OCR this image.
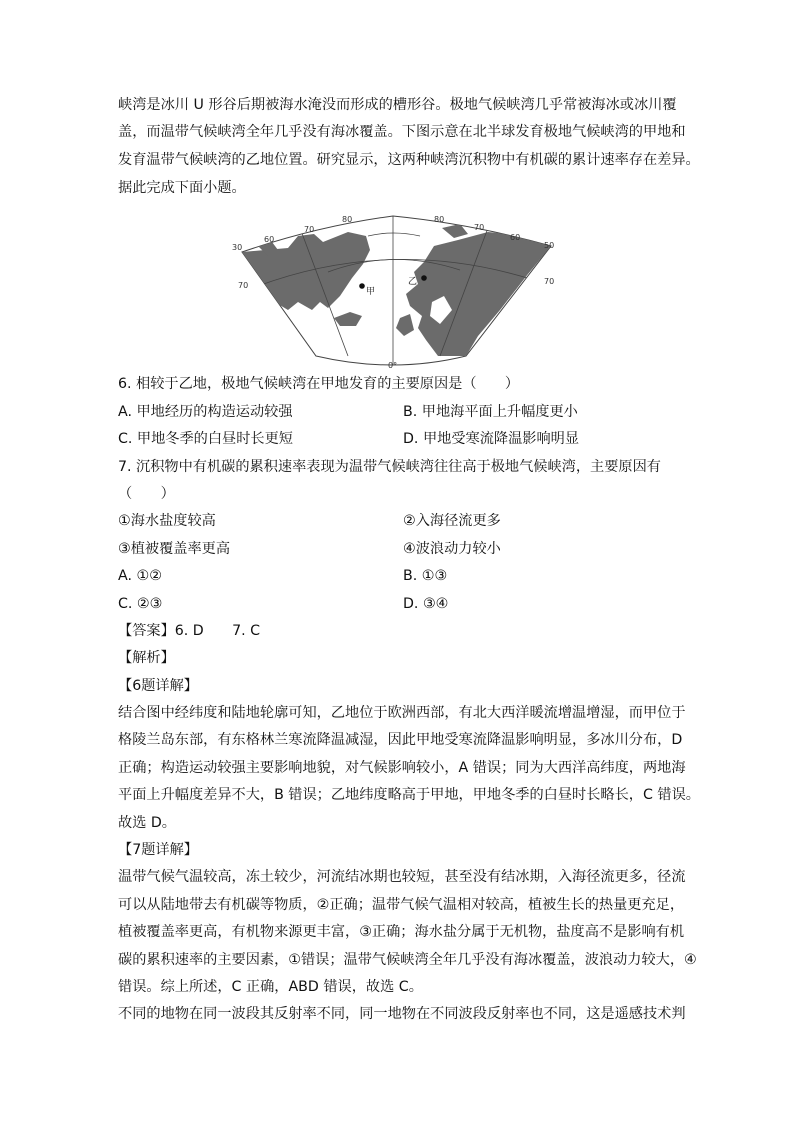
峡湾是冰川 U 形谷后期被海水淹没而形成的槽形谷。极地气候峡湾几乎常被海冰或冰川覆
盖，而温带气候峡湾全年几乎没有海冰覆盖。下图示意在北半球发育极地气候峡湾的甲地和
发育温带气候峡湾的乙地位置。研究显示，这两种峡湾沉积物中有机碳的累计速率存在差异。
据此完成下面小题。
30
60
70
80
70
80
70
60
50
70
0°
甲
乙
6. 相较于乙地，极地气候峡湾在甲地发育的主要原因是（　　）
A. 甲地经历的构造运动较强	B. 甲地海平面上升幅度更小
C. 甲地冬季的白昼时长更短	D. 甲地受寒流降温影响明显
7. 沉积物中有机碳的累积速率表现为温带气候峡湾往往高于极地气候峡湾，主要原因有
（　　）
①海水盐度较高	②入海径流更多
③植被覆盖率更高	④波浪动力较小
A. ①②	B. ①③
C. ②③	D. ③④
【答案】6. D　　7. C
【解析】
【6题详解】
结合图中经纬度和陆地轮廓可知，乙地位于欧洲西部，有北大西洋暖流增温增湿，而甲位于
格陵兰岛东部，有东格林兰寒流降温减湿，因此甲地受寒流降温影响明显，多冰川分布，D
正确；构造运动较强主要影响地貌，对气候影响较小，A 错误；同为大西洋高纬度，两地海
平面上升幅度差异不大，B 错误；乙地纬度略高于甲地，甲地冬季的白昼时长略长，C 错误。
故选 D。
【7题详解】
温带气候气温较高，冻土较少，河流结冰期也较短，甚至没有结冰期，入海径流更多，径流
可以从陆地带去有机碳等物质，②正确；温带气候气温相对较高，植被生长的热量更充足，
植被覆盖率更高，有机物来源更丰富，③正确；海水盐分属于无机物，盐度高不是影响有机
碳的累积速率的主要因素，①错误；温带气候峡湾全年几乎没有海冰覆盖，波浪动力较大，④
错误。综上所述，C 正确，ABD 错误，故选 C。
不同的地物在同一波段其反射率不同，同一地物在不同波段反射率也不同，这是遥感技术判
